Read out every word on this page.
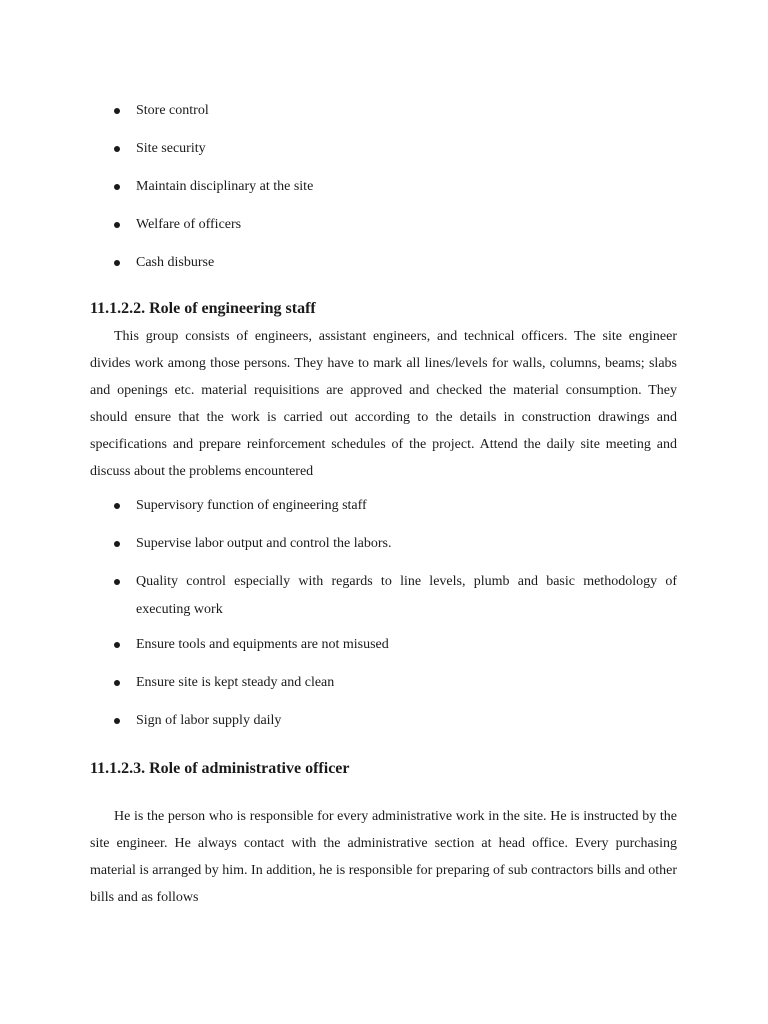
Store control
Site security
Maintain disciplinary at the site
Welfare of officers
Cash disburse
11.1.2.2. Role of engineering staff

This group consists of engineers, assistant engineers, and technical officers. The site engineer divides work among those persons. They have to mark all lines/levels for walls, columns, beams; slabs and openings etc. material requisitions are approved and checked the material consumption. They should ensure that the work is carried out according to the details in construction drawings and specifications and prepare reinforcement schedules of the project. Attend the daily site meeting and discuss about the problems encountered

Supervisory function of engineering staff
Supervise labor output and control the labors.
Quality control especially with regards to line levels, plumb and basic methodology of executing work
Ensure tools and equipments are not misused
Ensure site is kept steady and clean
Sign of labor supply daily
11.1.2.3. Role of administrative officer

He is the person who is responsible for every administrative work in the site. He is instructed by the site engineer. He always contact with the administrative section at head office. Every purchasing material is arranged by him. In addition, he is responsible for preparing of sub contractors bills and other bills and as follows
